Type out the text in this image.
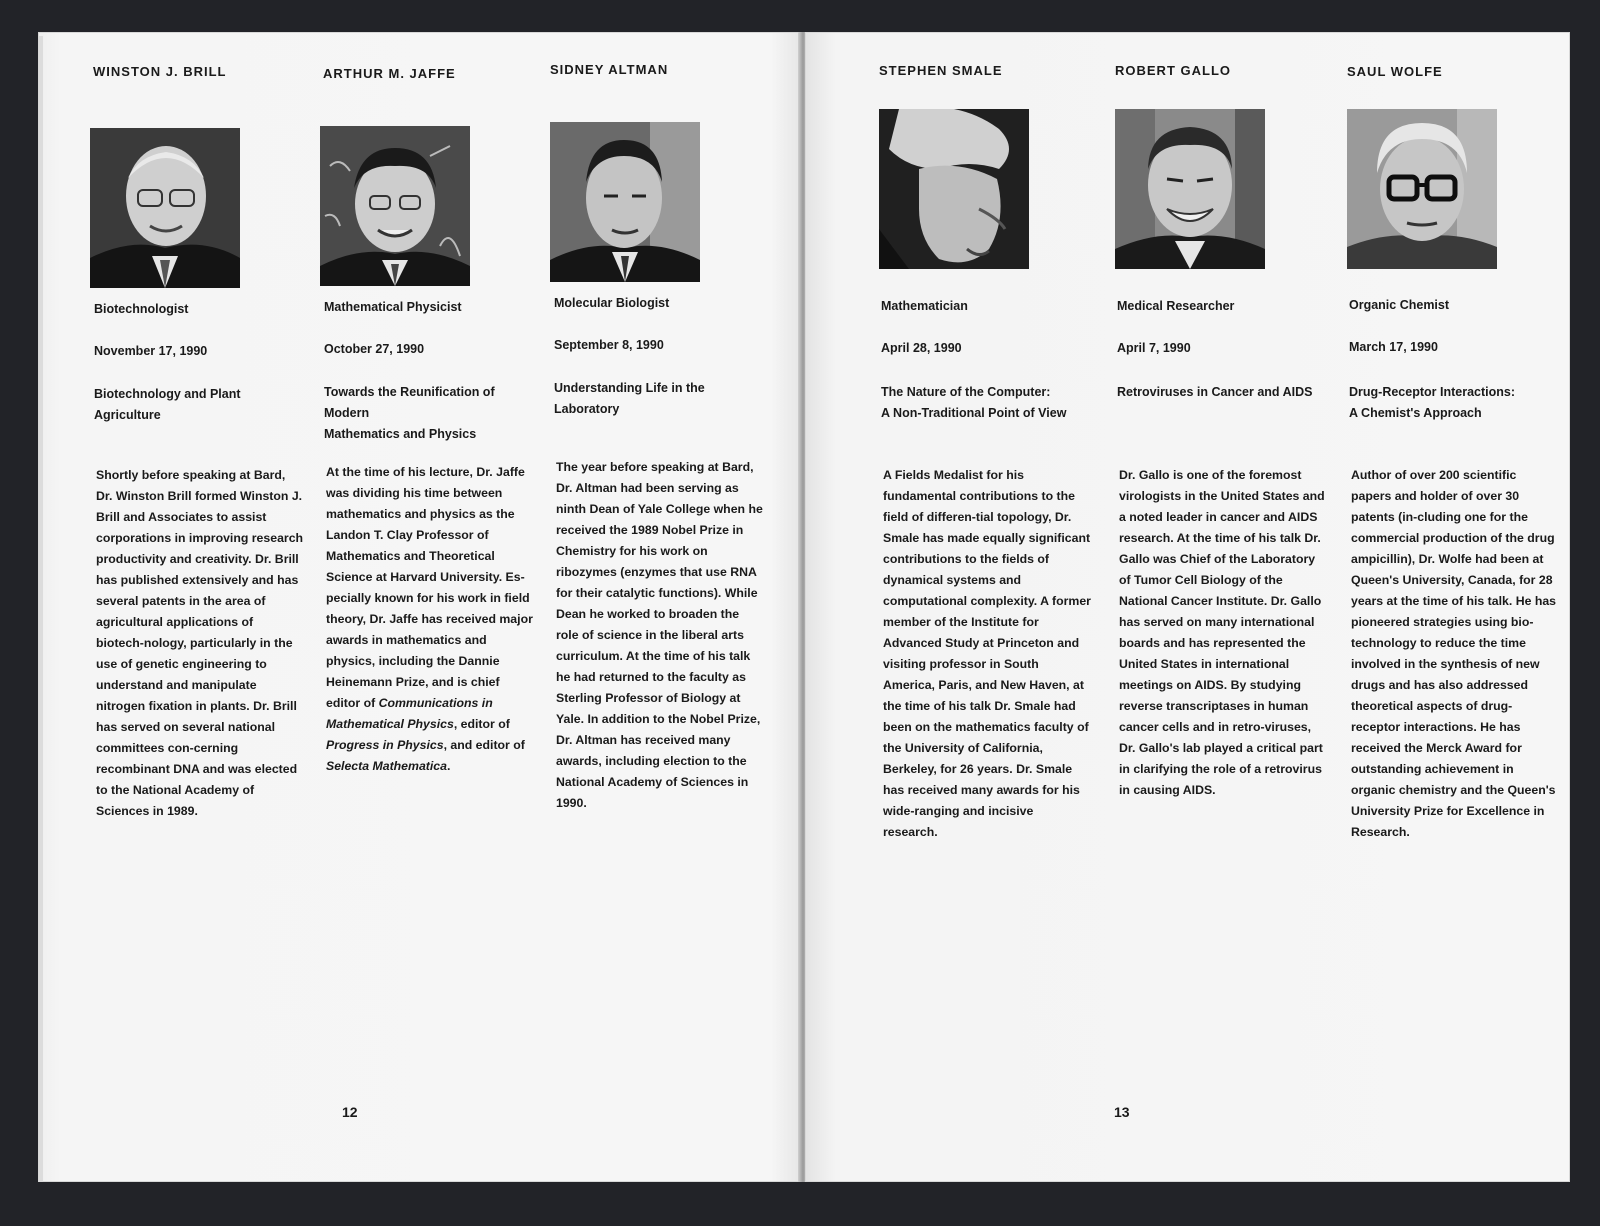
WINSTON J. BRILL
Biotechnologist
November 17, 1990
Biotechnology and Plant Agriculture
Shortly before speaking at Bard, Dr. Winston Brill formed Winston J. Brill and Associates to assist corporations in improving research productivity and creativity. Dr. Brill has published extensively and has several patents in the area of agricultural applications of biotech-nology, particularly in the use of genetic engineering to understand and manipulate nitrogen fixation in plants. Dr. Brill has served on several national committees con-cerning recombinant DNA and was elected to the National Academy of Sciences in 1989.
ARTHUR M. JAFFE
Mathematical Physicist
October 27, 1990
Towards the Reunification of Modern
Mathematics and Physics
At the time of his lecture, Dr. Jaffe was dividing his time between mathematics and physics as the Landon T. Clay Professor of Mathematics and Theoretical Science at Harvard University. Es-pecially known for his work in field theory, Dr. Jaffe has received major awards in mathematics and physics, including the Dannie Heinemann Prize, and is chief editor of Communications in Mathematical Physics, editor of Progress in Physics, and editor of Selecta Mathematica.
SIDNEY ALTMAN
Molecular Biologist
September 8, 1990
Understanding Life in the Laboratory
The year before speaking at Bard, Dr. Altman had been serving as ninth Dean of Yale College when he received the 1989 Nobel Prize in Chemistry for his work on ribozymes (enzymes that use RNA for their catalytic functions). While Dean he worked to broaden the role of science in the liberal arts curriculum. At the time of his talk he had returned to the faculty as Sterling Professor of Biology at Yale. In addition to the Nobel Prize, Dr. Altman has received many awards, including election to the National Academy of Sciences in 1990.
12
STEPHEN SMALE
Mathematician
April 28, 1990
The Nature of the Computer:
A Non-Traditional Point of View
A Fields Medalist for his fundamental contributions to the field of differen-tial topology, Dr. Smale has made equally significant contributions to the fields of dynamical systems and computational complexity. A former member of the Institute for Advanced Study at Princeton and visiting professor in South America, Paris, and New Haven, at the time of his talk Dr. Smale had been on the mathematics faculty of the University of California, Berkeley, for 26 years. Dr. Smale has received many awards for his wide-ranging and incisive research.
ROBERT GALLO
Medical Researcher
April 7, 1990
Retroviruses in Cancer and AIDS
Dr. Gallo is one of the foremost virologists in the United States and a noted leader in cancer and AIDS research. At the time of his talk Dr. Gallo was Chief of the Laboratory of Tumor Cell Biology of the National Cancer Institute. Dr. Gallo has served on many international boards and has represented the United States in international meetings on AIDS. By studying reverse transcriptases in human cancer cells and in retro-viruses, Dr. Gallo's lab played a critical part in clarifying the role of a retrovirus in causing AIDS.
SAUL WOLFE
Organic Chemist
March 17, 1990
Drug-Receptor Interactions:
A Chemist's Approach
Author of over 200 scientific papers and holder of over 30 patents (in-cluding one for the commercial production of the drug ampicillin), Dr. Wolfe had been at Queen's University, Canada, for 28 years at the time of his talk. He has pioneered strategies using bio-technology to reduce the time involved in the synthesis of new drugs and has also addressed theoretical aspects of drug-receptor interactions. He has received the Merck Award for outstanding achievement in organic chemistry and the Queen's University Prize for Excellence in Research.
13
